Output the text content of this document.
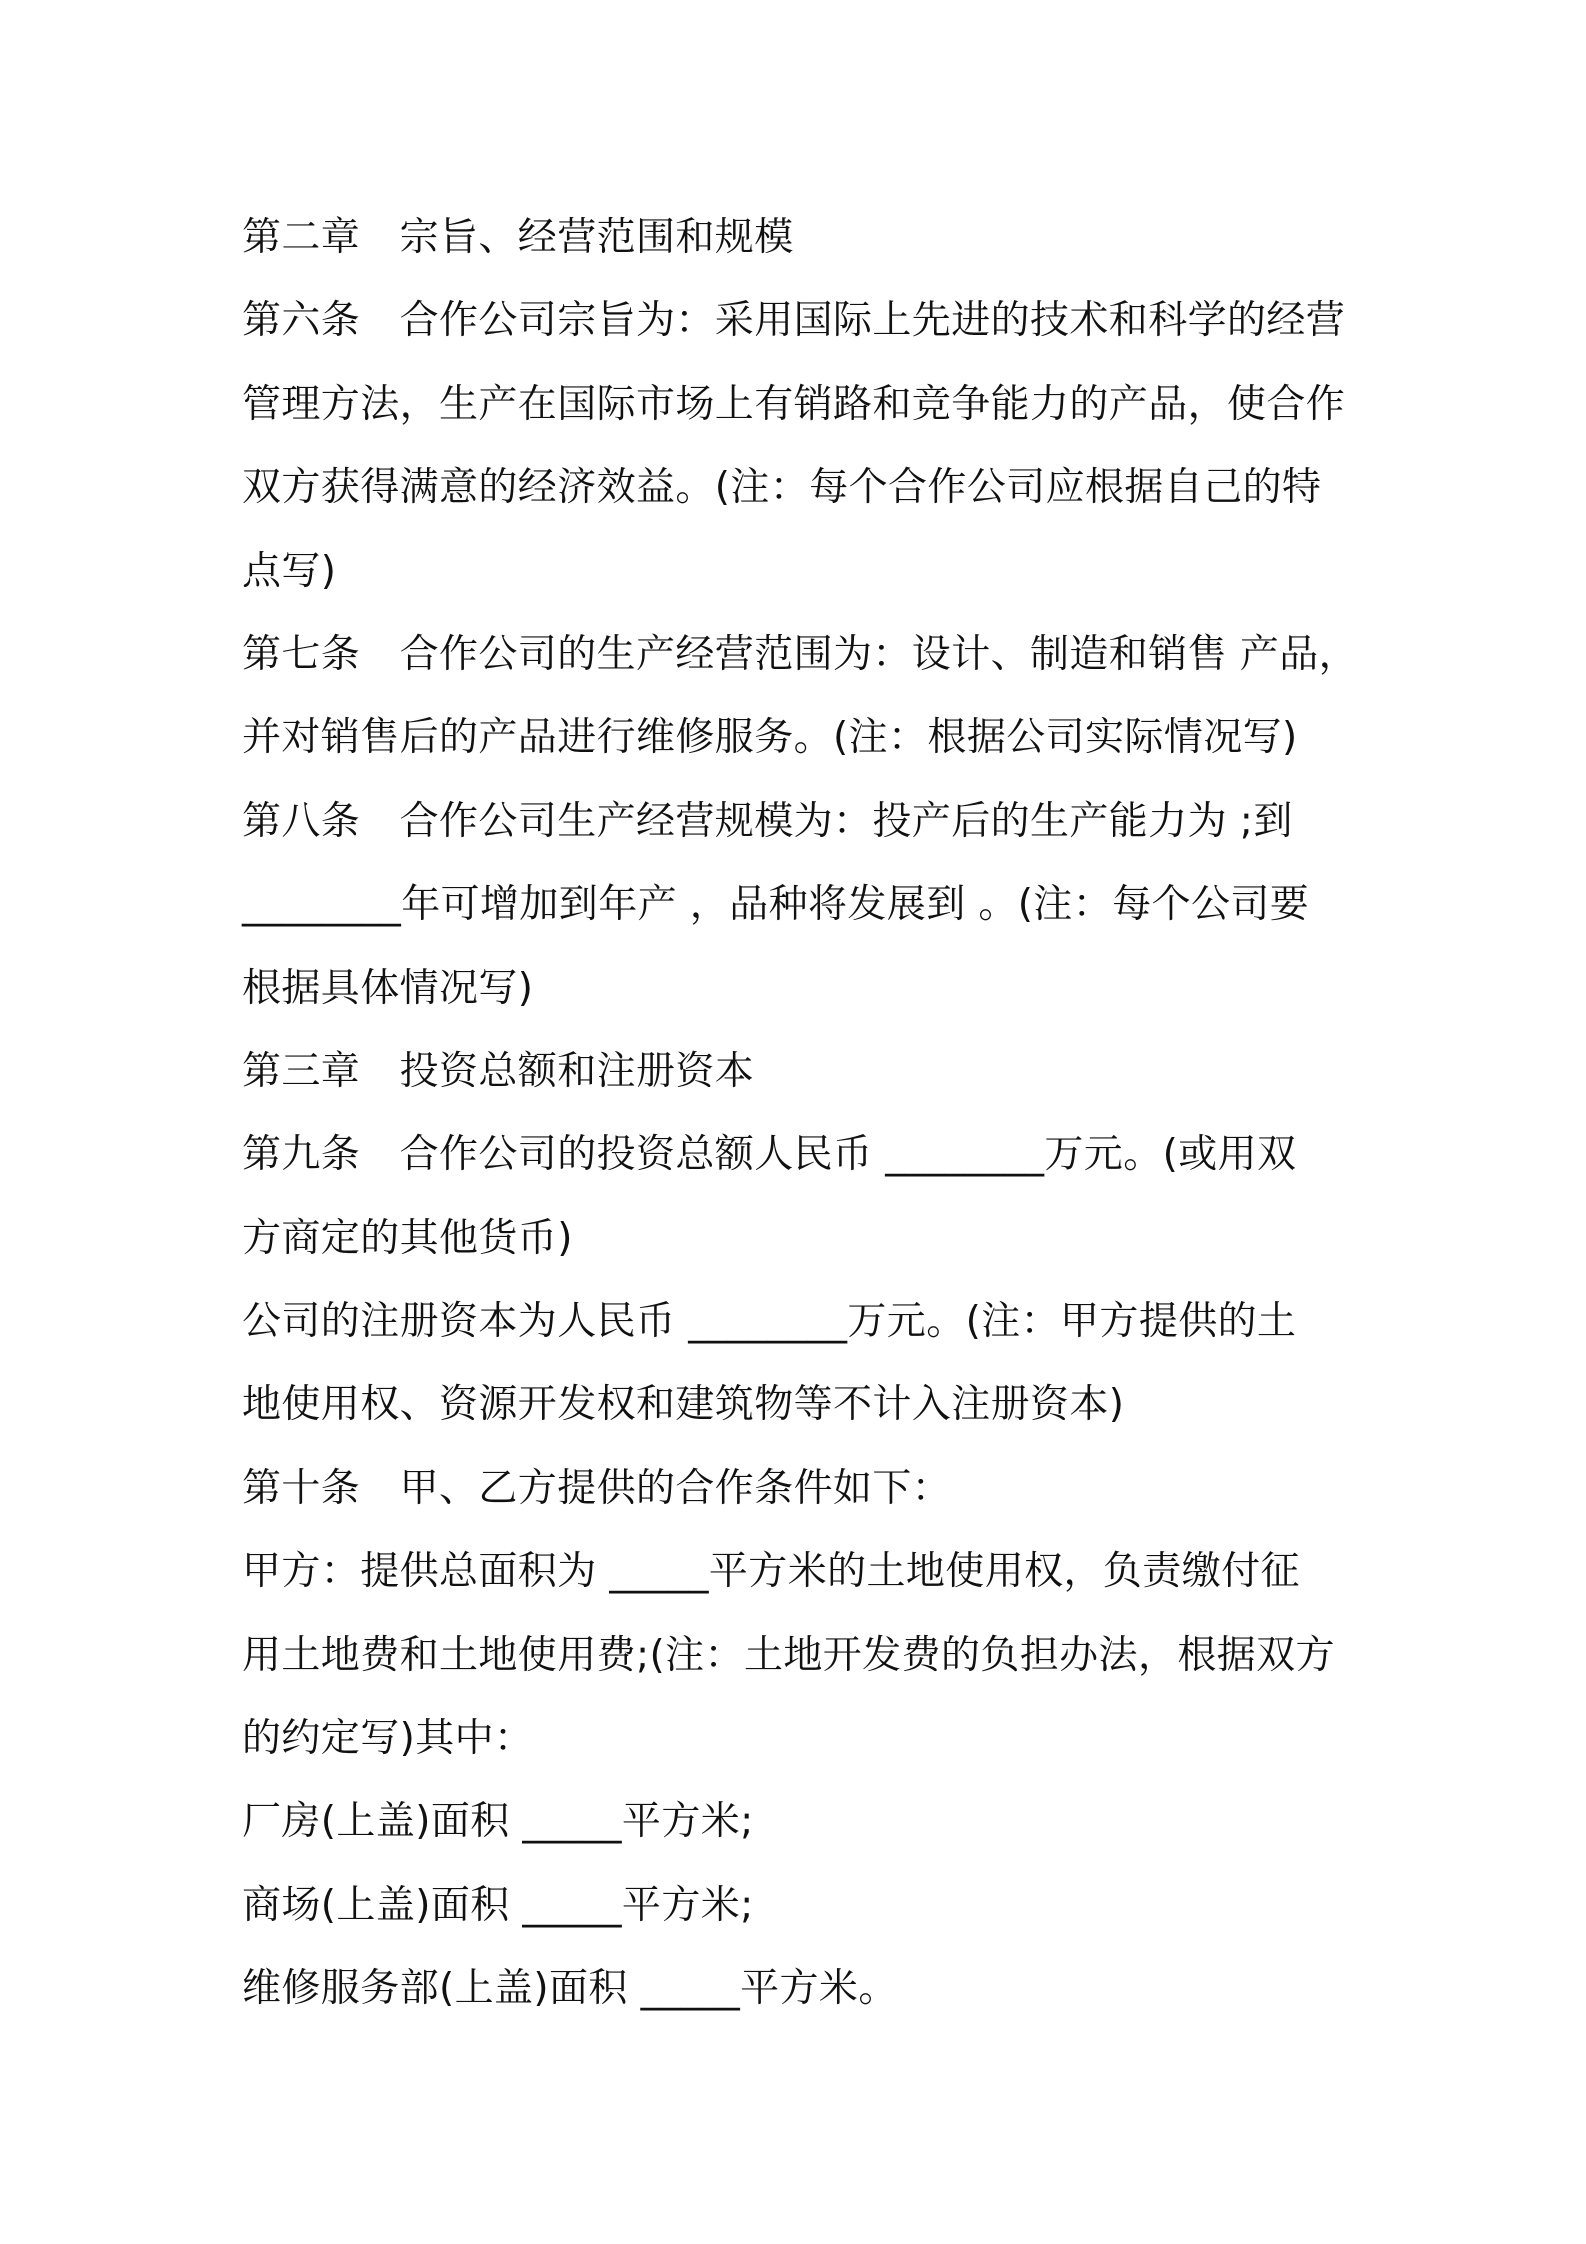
第二章　宗旨、经营范围和规模
第六条　合作公司宗旨为：采用国际上先进的技术和科学的经营
管理方法，生产在国际市场上有销路和竞争能力的产品，使合作
双方获得满意的经济效益。(注：每个合作公司应根据自己的特
点写)
第七条　合作公司的生产经营范围为：设计、制造和销售 产品，
并对销售后的产品进行维修服务。(注：根据公司实际情况写)
第八条　合作公司生产经营规模为：投产后的生产能力为 ;到
________年可增加到年产 ，品种将发展到 。(注：每个公司要
根据具体情况写)
第三章　投资总额和注册资本
第九条　合作公司的投资总额人民币 ________万元。(或用双
方商定的其他货币)
公司的注册资本为人民币 ________万元。(注：甲方提供的土
地使用权、资源开发权和建筑物等不计入注册资本)
第十条　甲、乙方提供的合作条件如下：
甲方：提供总面积为 _____平方米的土地使用权，负责缴付征
用土地费和土地使用费;(注：土地开发费的负担办法，根据双方
的约定写)其中：
厂房(上盖)面积 _____平方米;
商场(上盖)面积 _____平方米;
维修服务部(上盖)面积 _____平方米。
